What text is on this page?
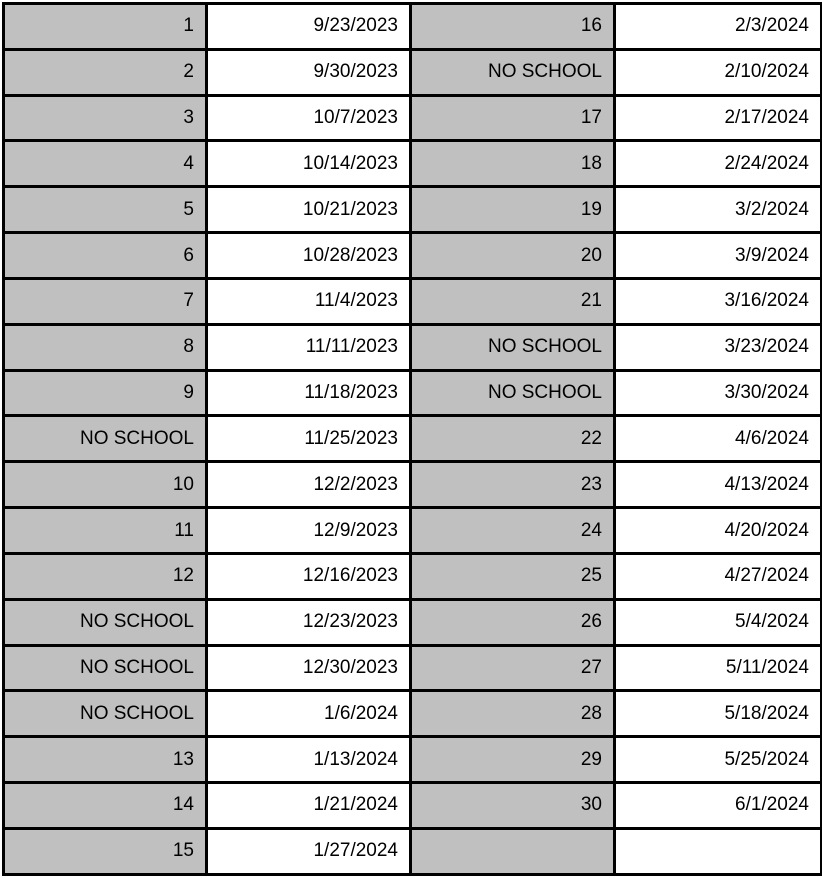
1	9/23/2023	16	2/3/2024
2	9/30/2023	NO SCHOOL	2/10/2024
3	10/7/2023	17	2/17/2024
4	10/14/2023	18	2/24/2024
5	10/21/2023	19	3/2/2024
6	10/28/2023	20	3/9/2024
7	11/4/2023	21	3/16/2024
8	11/11/2023	NO SCHOOL	3/23/2024
9	11/18/2023	NO SCHOOL	3/30/2024
NO SCHOOL	11/25/2023	22	4/6/2024
10	12/2/2023	23	4/13/2024
11	12/9/2023	24	4/20/2024
12	12/16/2023	25	4/27/2024
NO SCHOOL	12/23/2023	26	5/4/2024
NO SCHOOL	12/30/2023	27	5/11/2024
NO SCHOOL	1/6/2024	28	5/18/2024
13	1/13/2024	29	5/25/2024
14	1/21/2024	30	6/1/2024
15	1/27/2024		
